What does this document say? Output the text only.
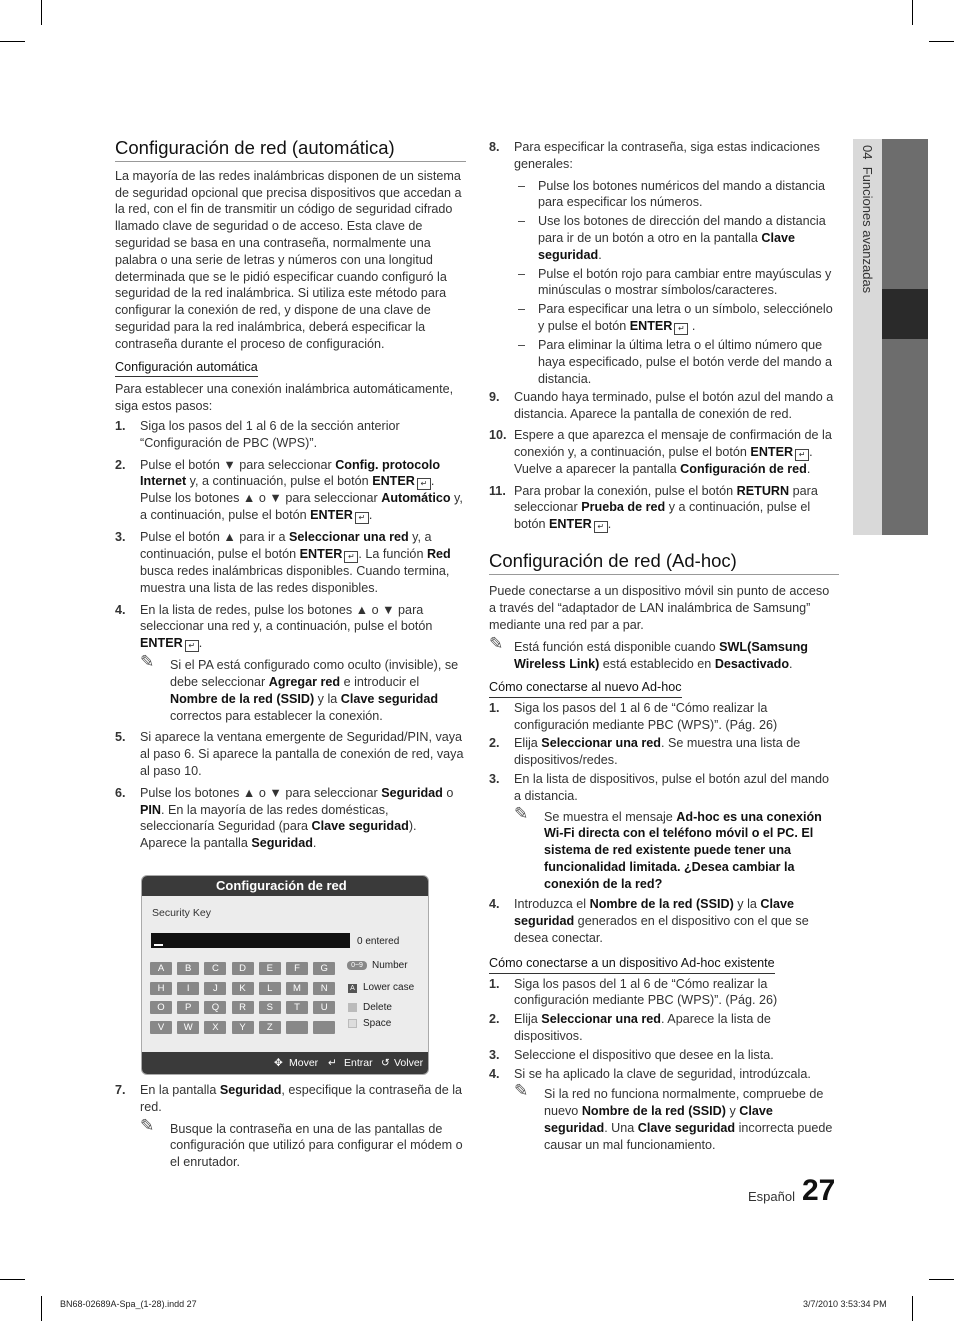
04  Funciones avanzadas
Configuración de red (automática)

La mayoría de las redes inalámbricas disponen de un sistema de seguridad opcional que precisa dispositivos que accedan a la red, con el fin de transmitir un código de seguridad cifrado llamado clave de seguridad o de acceso. Esta clave de seguridad se basa en una contraseña, normalmente una palabra o una serie de letras y números con una longitud determinada que se le pidió especificar cuando configuró la seguridad de la red inalámbrica. Si utiliza este método para configurar la conexión de red, y dispone de una clave de seguridad para la red inalámbrica, deberá especificar la contraseña durante el proceso de configuración.

Configuración automática

Para establecer una conexión inalámbrica automáticamente, siga estos pasos:

1. Siga los pasos del 1 al 6 de la sección anterior “Configuración de PBC (WPS)”.

2. Pulse el botón ▼ para seleccionar Config. protocolo Internet y, a continuación, pulse el botón ENTER ↵ . Pulse los botones ▲ o ▼ para seleccionar Automático y, a continuación, pulse el botón ENTER ↵ .

3. Pulse el botón ▲ para ir a Seleccionar una red y, a continuación, pulse el botón ENTER ↵ . La función Red busca redes inalámbricas disponibles. Cuando termina, muestra una lista de las redes disponibles.

4. En la lista de redes, pulse los botones ▲ o ▼ para seleccionar una red y, a continuación, pulse el botón ENTER ↵ .

✎ Si el PA está configurado como oculto (invisible), se debe seleccionar Agregar red e introducir el Nombre de la red (SSID) y la Clave seguridad correctos para establecer la conexión.

5. Si aparece la ventana emergente de Seguridad/PIN, vaya al paso 6. Si aparece la pantalla de conexión de red, vaya al paso 10.

6. Pulse los botones ▲ o ▼ para seleccionar Seguridad o PIN. En la mayoría de las redes domésticas, seleccionaría Seguridad (para Clave seguridad). Aparece la pantalla Seguridad.

Configuración de red
Security Key
0 entered
A	B	C	D	E	F	G
H	I	J	K	L	M	N
O	P	Q	R	S	T	U
V	W	X	Y	Z
0~9 Number
A Lower case
Delete
Space
✥ Mover ↵ Entrar ↺ Volver
7. En la pantalla Seguridad, especifique la contraseña de la red.

✎ Busque la contraseña en una de las pantallas de configuración que utilizó para configurar el módem o el enrutador.

8. Para especificar la contraseña, siga estas indicaciones generales:

– Pulse los botones numéricos del mando a distancia para especificar los números.

– Use los botones de dirección del mando a distancia para ir de un botón a otro en la pantalla Clave seguridad.

– Pulse el botón rojo para cambiar entre mayúsculas y minúsculas o mostrar símbolos/caracteres.

– Para especificar una letra o un símbolo, selecciónelo y pulse el botón ENTER ↵ .

– Para eliminar la última letra o el último número que haya especificado, pulse el botón verde del mando a distancia.

9. Cuando haya terminado, pulse el botón azul del mando a distancia. Aparece la pantalla de conexión de red.

10. Espere a que aparezca el mensaje de confirmación de la conexión y, a continuación, pulse el botón ENTER ↵ . Vuelve a aparecer la pantalla Configuración de red.

11. Para probar la conexión, pulse el botón RETURN para seleccionar Prueba de red y a continuación, pulse el botón ENTER ↵ .

Configuración de red (Ad-hoc)

Puede conectarse a un dispositivo móvil sin punto de acceso a través del “adaptador de LAN inalámbrica de Samsung” mediante una red par a par.

✎ Está función está disponible cuando SWL(Samsung Wireless Link) está establecido en Desactivado.

Cómo conectarse al nuevo Ad-hoc
1. Siga los pasos del 1 al 6 de “Cómo realizar la configuración mediante PBC (WPS)”. (Pág. 26)

2. Elija Seleccionar una red. Se muestra una lista de dispositivos/redes.

3. En la lista de dispositivos, pulse el botón azul del mando a distancia.

✎ Se muestra el mensaje Ad-hoc es una conexión Wi-Fi directa con el teléfono móvil o el PC. El sistema de red existente puede tener una funcionalidad limitada. ¿Desea cambiar la conexión de la red?

4. Introduzca el Nombre de la red (SSID) y la Clave seguridad generados en el dispositivo con el que se desea conectar.

Cómo conectarse a un dispositivo Ad-hoc existente
1. Siga los pasos del 1 al 6 de “Cómo realizar la configuración mediante PBC (WPS)”. (Pág. 26)

2. Elija Seleccionar una red. Aparece la lista de dispositivos.

3. Seleccione el dispositivo que desee en la lista.

4. Si se ha aplicado la clave de seguridad, introdúzcala.

✎ Si la red no funciona normalmente, compruebe de nuevo Nombre de la red (SSID) y Clave seguridad. Una Clave seguridad incorrecta puede causar un mal funcionamiento.

Español 27
BN68-02689A-Spa_(1-28).indd 27	3/7/2010 3:53:34 PM
